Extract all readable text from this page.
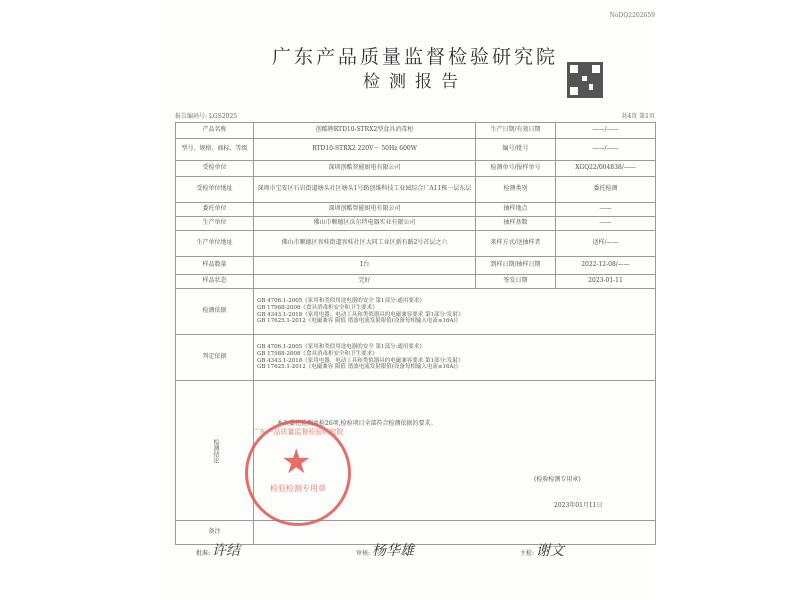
NoDQ2202659
广东产品质量监督检验研究院
检测报告
报告编码号: LGS2025	共4页 第1页
产品名称	创酷牌RTD10-STRX2型食具消毒柜	生产日期/有效日期	——/——
型号、规格、商标、等级	RTD10-STRX2 220V～ 50Hz 600W	编号/批号	——/——
受检单位	深圳创酷智能厨电有限公司	检测单号/报样单号	XGQ22/004838/——
受检单位地址	深圳市宝安区石岩街道塘头社区塘头1号路创维科技工业园综合厂A11栋一层东层	检测类别	委托检测
委托单位	深圳创酷智能厨电有限公司	抽样地点	——
生产单位	佛山市顺德区沃尔特电器实业有限公司	抽样基数	——
生产单位地址	佛山市顺德区容桂街道容桂社区大同工业区新有路2号首层之六	来样方式/送抽样者	送样/——
样品数量	1台	到样日期/抽样日期	2022-12-08/——
样品状态	完好	签发日期	2023-01-11
检测依据	GB 4706.1-2005《家用和类似用途电器的安全 第1部分:通用要求》
GB 17988-2008《食具消毒柜安全和卫生要求》
GB 4343.1-2018《家用电器、电动工具和类似器具的电磁兼容要求 第1部分:发射》
GB 17625.1-2012《电磁兼容 限值 谐波电流发射限值(设备每相输入电流≤16A)》		

判定依据	GB 4706.1-2005《家用和类似用途电器的安全 第1部分:通用要求》
GB 17988-2008《食具消毒柜安全和卫生要求》
GB 4343.1-2018《家用电器、电动工具和类似器具的电磁兼容要求 第1部分:发射》
GB 17625.1-2012《电磁兼容 限值 谐波电流发射限值(设备每相输入电流≤16A)》		

检测结论	本次委托检测共检26项,检验项目全部符合检测依据的要求。
(检验检测专用章)
2023年01月11日		

备注			
广东产品质量监督检验研究院
★
检验检测专用章
批准: 许结	审核: 杨华雄	主检: 谢文
